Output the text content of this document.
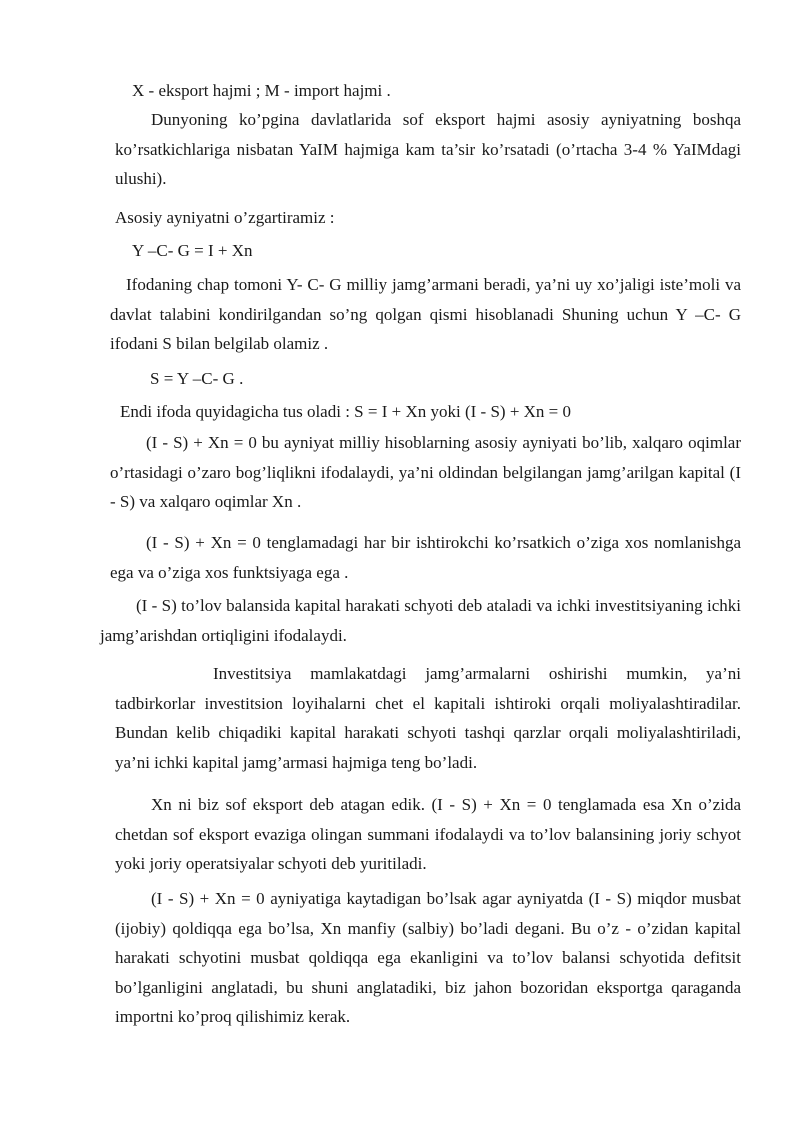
X - eksport hajmi ; M - import hajmi .

Dunyoning ko’pgina davlatlarida sof eksport hajmi asosiy ayniyatning boshqa ko’rsatkichlariga nisbatan YaIM hajmiga kam ta’sir ko’rsatadi (o’rtacha 3-4 % YaIMdagi ulushi).

Asosiy ayniyatni o’zgartiramiz :

Y –C- G = I + Xn

Ifodaning chap tomoni Y- C- G milliy jamg’armani beradi, ya’ni uy xo’jaligi iste’moli va davlat talabini kondirilgandan so’ng qolgan qismi hisoblanadi Shuning uchun Y –C- G ifodani S bilan belgilab olamiz .

S = Y –C- G .

Endi ifoda quyidagicha tus oladi : S = I + Xn yoki (I - S) + Xn = 0

(I - S) + Xn = 0 bu ayniyat milliy hisoblarning asosiy ayniyati bo’lib, xalqaro oqimlar o’rtasidagi o’zaro bog’liqlikni ifodalaydi, ya’ni oldindan belgilangan jamg’arilgan kapital (I - S) va xalqaro oqimlar Xn .

(I - S) + Xn = 0 tenglamadagi har bir ishtirokchi ko’rsatkich o’ziga xos nomlanishga ega va o’ziga xos funktsiyaga ega .

(I - S) to’lov balansida kapital harakati schyoti deb ataladi va ichki investitsiyaning ichki jamg’arishdan ortiqligini ifodalaydi.

Investitsiya mamlakatdagi jamg’armalarni oshirishi mumkin, ya’ni tadbirkorlar investitsion loyihalarni chet el kapitali ishtiroki orqali moliyalashtiradilar. Bundan kelib chiqadiki kapital harakati schyoti tashqi qarzlar orqali moliyalashtiriladi, ya’ni ichki kapital jamg’armasi hajmiga teng bo’ladi.

Xn ni biz sof eksport deb atagan edik. (I - S) + Xn = 0 tenglamada esa Xn o’zida chetdan sof eksport evaziga olingan summani ifodalaydi va to’lov balansining joriy schyot yoki joriy operatsiyalar schyoti deb yuritiladi.

(I - S) + Xn = 0 ayniyatiga kaytadigan bo’lsak agar ayniyatda (I - S) miqdor musbat (ijobiy) qoldiqqa ega bo’lsa, Xn manfiy (salbiy) bo’ladi degani. Bu o’z - o’zidan kapital harakati schyotini musbat qoldiqqa ega ekanligini va to’lov balansi schyotida defitsit bo’lganligini anglatadi, bu shuni anglatadiki, biz jahon bozoridan eksportga qaraganda importni ko’proq qilishimiz kerak.
